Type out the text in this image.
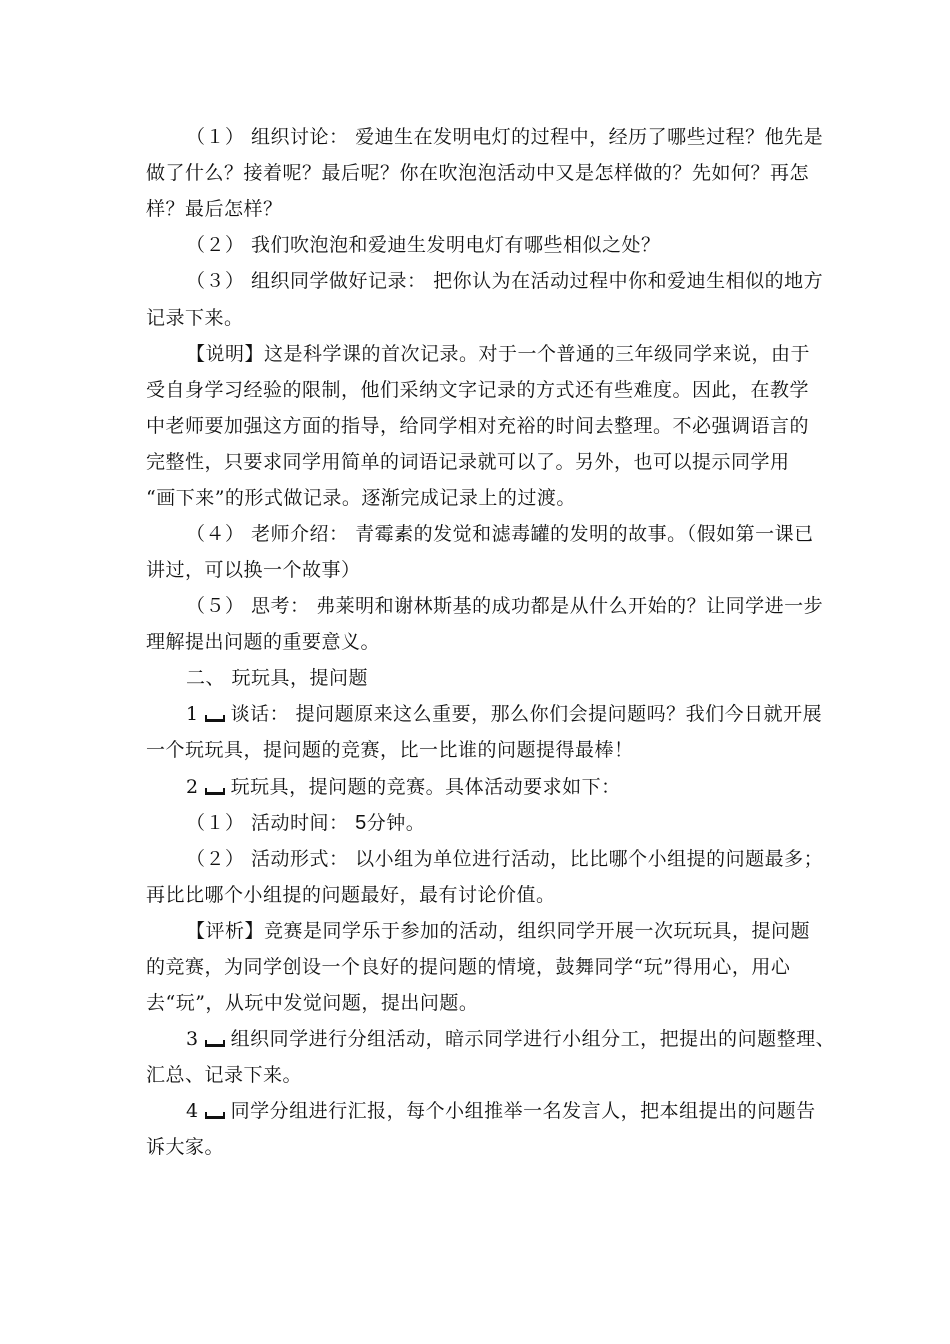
（１） 组织讨论： 爱迪生在发明电灯的过程中，经历了哪些过程？他先是
做了什么？接着呢？最后呢？你在吹泡泡活动中又是怎样做的？先如何？再怎
样？最后怎样？
（２） 我们吹泡泡和爱迪生发明电灯有哪些相似之处？
（３） 组织同学做好记录： 把你认为在活动过程中你和爱迪生相似的地方
记录下来。
【说明】这是科学课的首次记录。对于一个普通的三年级同学来说，由于
受自身学习经验的限制，他们采纳文字记录的方式还有些难度。因此，在教学
中老师要加强这方面的指导，给同学相对充裕的时间去整理。不必强调语言的
完整性，只要求同学用简单的词语记录就可以了。另外，也可以提示同学用
“画下来”的形式做记录。逐渐完成记录上的过渡。
（４） 老师介绍： 青霉素的发觉和滤毒罐的发明的故事。（假如第一课已
讲过，可以换一个故事）
（５） 思考： 弗莱明和谢林斯基的成功都是从什么开始的？让同学进一步
理解提出问题的重要意义。
二、 玩玩具，提问题
1 谈话： 提问题原来这么重要，那么你们会提问题吗？我们今日就开展
一个玩玩具，提问题的竞赛，比一比谁的问题提得最棒！
2 玩玩具，提问题的竞赛。具体活动要求如下：
（１） 活动时间： 5分钟。
（２） 活动形式： 以小组为单位进行活动，比比哪个小组提的问题最多；
再比比哪个小组提的问题最好，最有讨论价值。
【评析】竞赛是同学乐于参加的活动，组织同学开展一次玩玩具，提问题
的竞赛，为同学创设一个良好的提问题的情境，鼓舞同学“玩”得用心，用心
去“玩”，从玩中发觉问题，提出问题。
3 组织同学进行分组活动，暗示同学进行小组分工，把提出的问题整理、
汇总、记录下来。
4 同学分组进行汇报，每个小组推举一名发言人，把本组提出的问题告
诉大家。
